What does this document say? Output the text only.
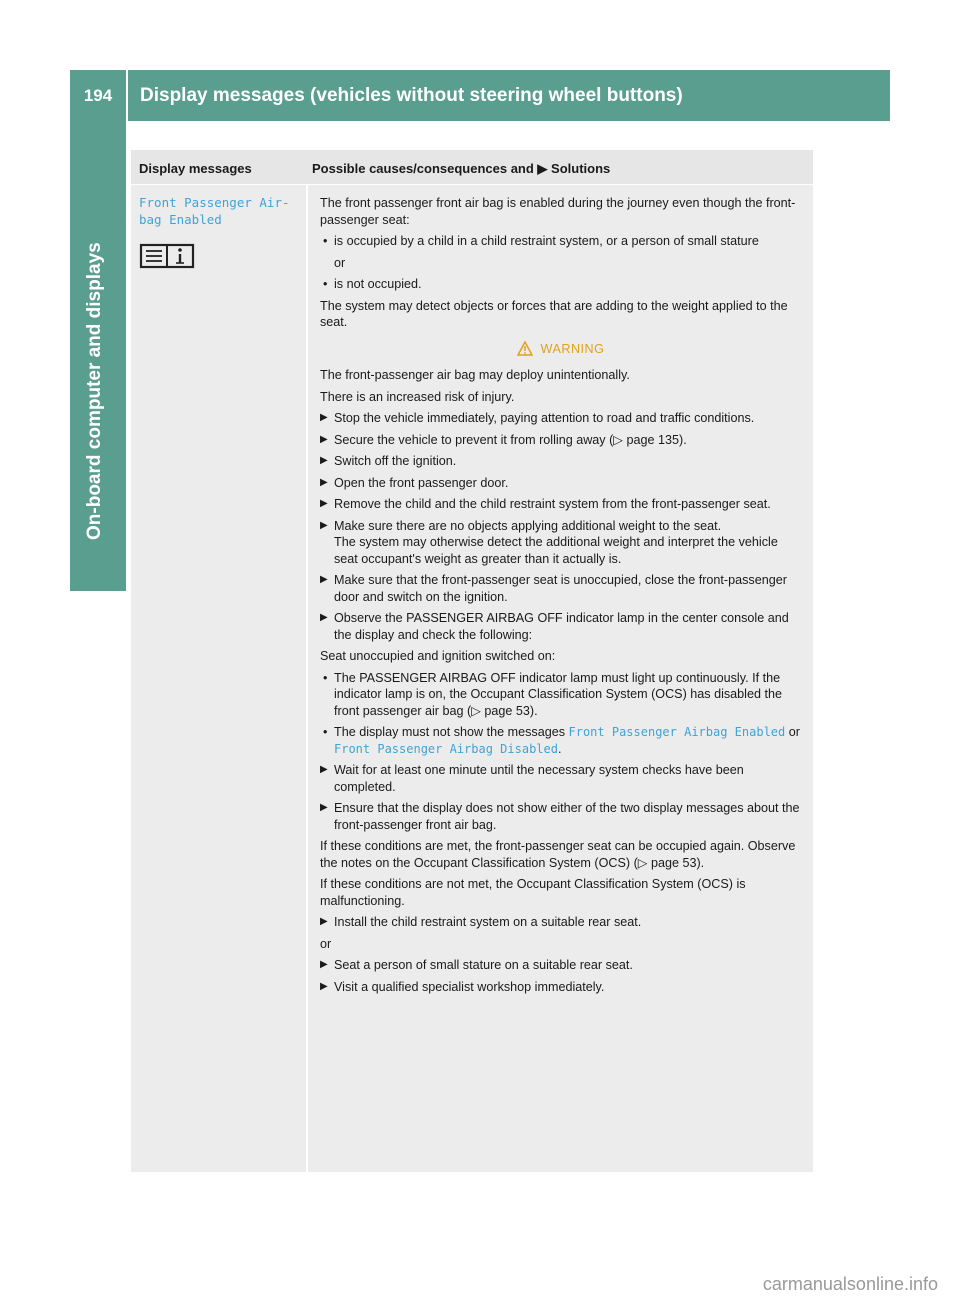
194	Display messages (vehicles without steering wheel buttons)
On-board computer and displays
Display messages	Possible causes/consequences and ▶ Solutions
Front Passenger Air-
bag Enabled

The front passenger front air bag is enabled during the journey even though the front-passenger seat:

• is occupied by a child in a child restraint system, or a person of small stature

or

• is not occupied.

The system may detect objects or forces that are adding to the weight applied to the seat.

WARNING

The front-passenger air bag may deploy unintentionally.

There is an increased risk of injury.

▶ Stop the vehicle immediately, paying attention to road and traffic conditions.

▶ Secure the vehicle to prevent it from rolling away (▷ page 135).

▶ Switch off the ignition.

▶ Open the front passenger door.

▶ Remove the child and the child restraint system from the front-passenger seat.

▶ Make sure there are no objects applying additional weight to the seat.
The system may otherwise detect the additional weight and interpret the vehicle seat occupant's weight as greater than it actually is.

▶ Make sure that the front-passenger seat is unoccupied, close the front-passenger door and switch on the ignition.

▶ Observe the PASSENGER AIRBAG OFF indicator lamp in the center console and the display and check the following:

Seat unoccupied and ignition switched on:

• The PASSENGER AIRBAG OFF indicator lamp must light up continuously. If the indicator lamp is on, the Occupant Classification System (OCS) has disabled the front passenger air bag (▷ page 53).

• The display must not show the messages Front Passenger Airbag Enabled or Front Passenger Airbag Disabled.

▶ Wait for at least one minute until the necessary system checks have been completed.

▶ Ensure that the display does not show either of the two display messages about the front-passenger front air bag.

If these conditions are met, the front-passenger seat can be occupied again. Observe the notes on the Occupant Classification System (OCS) (▷ page 53).

If these conditions are not met, the Occupant Classification System (OCS) is malfunctioning.

▶ Install the child restraint system on a suitable rear seat.

or

▶ Seat a person of small stature on a suitable rear seat.

▶ Visit a qualified specialist workshop immediately.

carmanualsonline.info
